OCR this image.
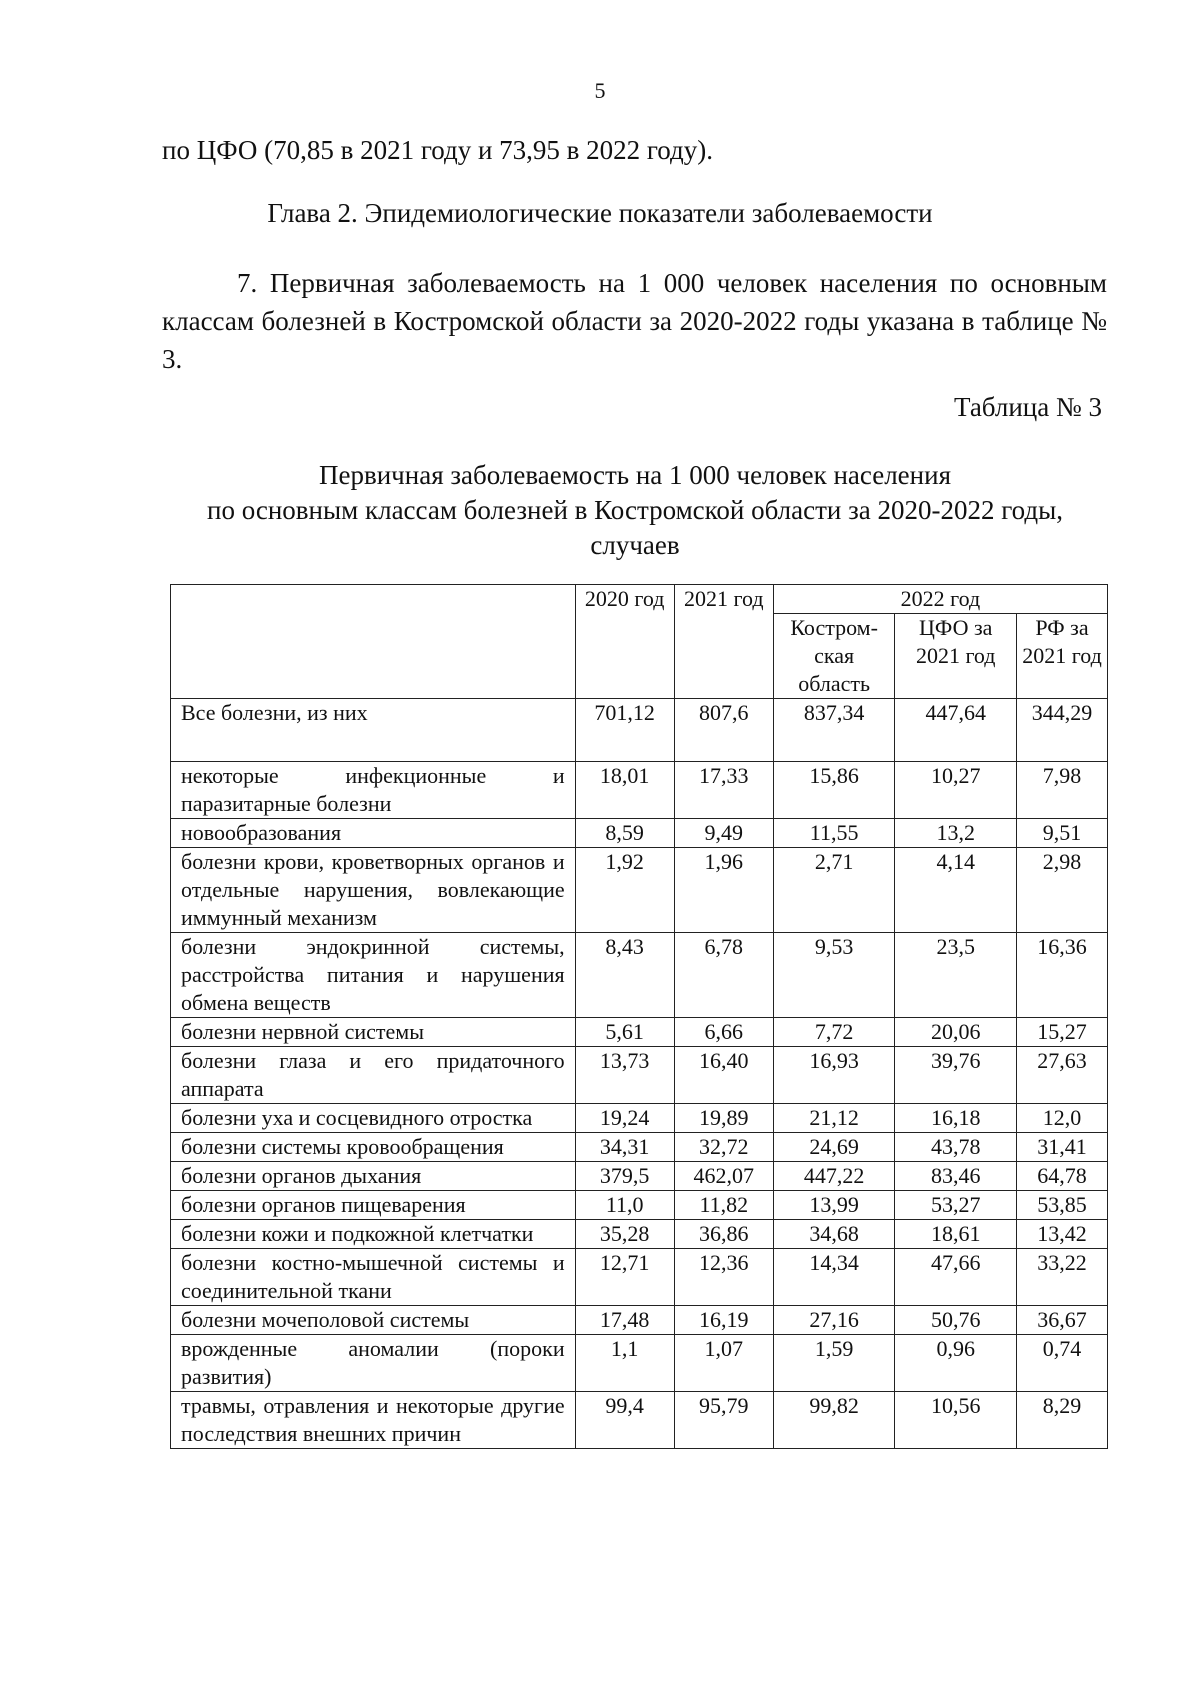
5
по ЦФО (70,85 в 2021 году и 73,95 в 2022 году).
Глава 2. Эпидемиологические показатели заболеваемости
7. Первичная заболеваемость на 1 000 человек населения по основным классам болезней в Костромской области за 2020-2022 годы указана в таблице № 3.
Таблица № 3
Первичная заболеваемость на 1 000 человек населения
по основным классам болезней в Костромской области за 2020-2022 годы,
случаев
	2020 год	2021 год	2022 год		
			Костром-ская область	ЦФО за 2021 год	РФ за 2021 год
Все болезни, из них	701,12	807,6	837,34	447,64	344,29
некоторые инфекционные и паразитарные болезни	18,01	17,33	15,86	10,27	7,98
новообразования	8,59	9,49	11,55	13,2	9,51
болезни крови, кроветворных органов и отдельные нарушения, вовлекающие иммунный механизм	1,92	1,96	2,71	4,14	2,98
болезни эндокринной системы, расстройства питания и нарушения обмена веществ	8,43	6,78	9,53	23,5	16,36
болезни нервной системы	5,61	6,66	7,72	20,06	15,27
болезни глаза и его придаточного аппарата	13,73	16,40	16,93	39,76	27,63
болезни уха и сосцевидного отростка	19,24	19,89	21,12	16,18	12,0
болезни системы кровообращения	34,31	32,72	24,69	43,78	31,41
болезни органов дыхания	379,5	462,07	447,22	83,46	64,78
болезни органов пищеварения	11,0	11,82	13,99	53,27	53,85
болезни кожи и подкожной клетчатки	35,28	36,86	34,68	18,61	13,42
болезни костно-мышечной системы и соединительной ткани	12,71	12,36	14,34	47,66	33,22
болезни мочеполовой системы	17,48	16,19	27,16	50,76	36,67
врожденные аномалии (пороки развития)	1,1	1,07	1,59	0,96	0,74
травмы, отравления и некоторые другие последствия внешних причин	99,4	95,79	99,82	10,56	8,29
